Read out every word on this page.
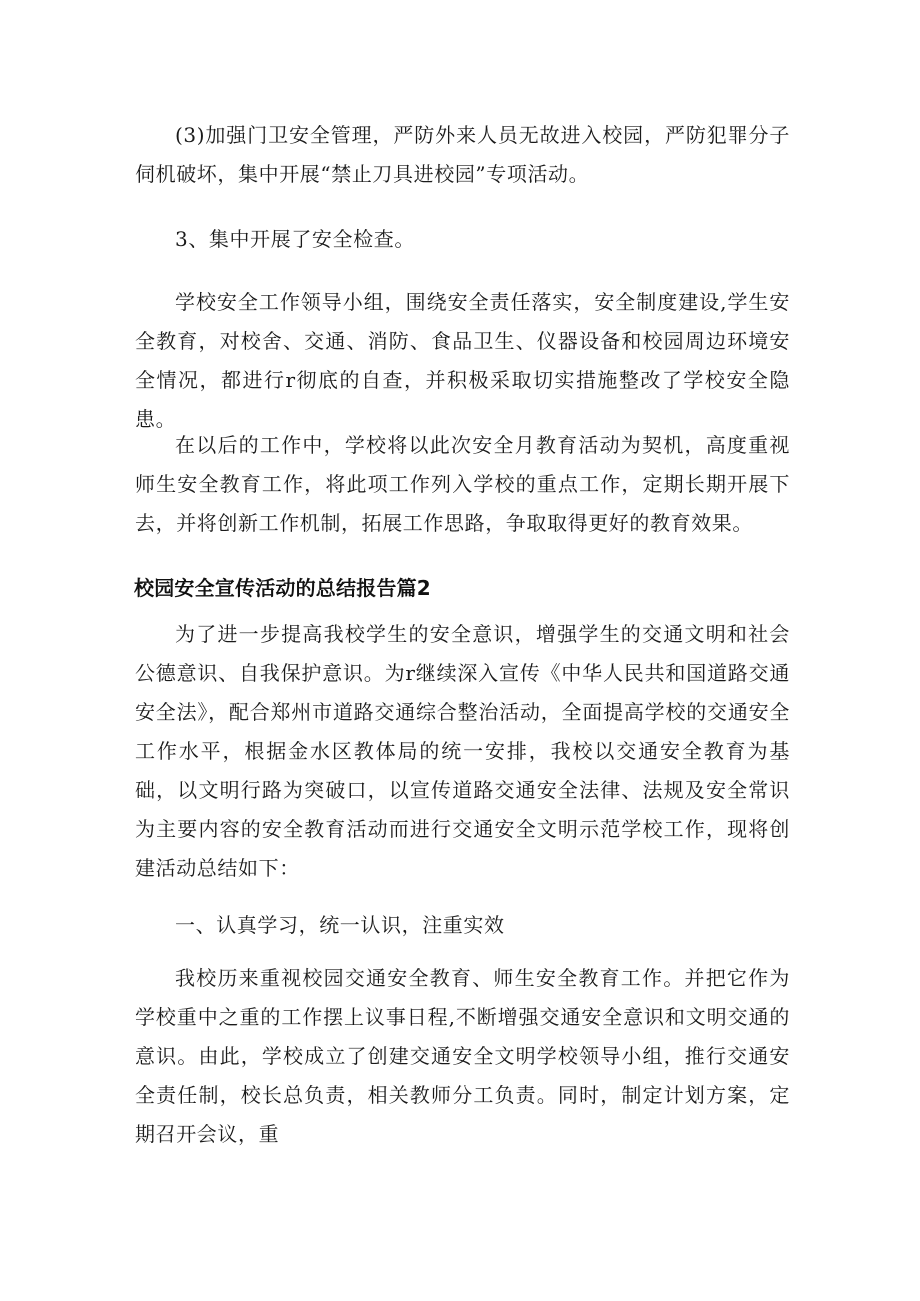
(3)加强门卫安全管理，严防外来人员无故进入校园，严防犯罪分子伺机破坏，集中开展“禁止刀具进校园”专项活动。

3、集中开展了安全检查。

学校安全工作领导小组，围绕安全责任落实，安全制度建设,学生安全教育，对校舍、交通、消防、食品卫生、仪器设备和校园周边环境安全情况，都进行r彻底的自查，并积极采取切实措施整改了学校安全隐患。

在以后的工作中，学校将以此次安全月教育活动为契机，高度重视师生安全教育工作，将此项工作列入学校的重点工作，定期长期开展下去，并将创新工作机制，拓展工作思路，争取取得更好的教育效果。

校园安全宣传活动的总结报告篇2

为了进一步提高我校学生的安全意识，增强学生的交通文明和社会公德意识、自我保护意识。为r继续深入宣传《中华人民共和国道路交通安全法》，配合郑州市道路交通综合整治活动，全面提高学校的交通安全工作水平，根据金水区教体局的统一安排，我校以交通安全教育为基础，以文明行路为突破口，以宣传道路交通安全法律、法规及安全常识为主要内容的安全教育活动而进行交通安全文明示范学校工作，现将创建活动总结如下：

一、认真学习，统一认识，注重实效

我校历来重视校园交通安全教育、师生安全教育工作。并把它作为学校重中之重的工作摆上议事日程,不断增强交通安全意识和文明交通的意识。由此，学校成立了创建交通安全文明学校领导小组，推行交通安全责任制，校长总负责，相关教师分工负责。同时，制定计划方案，定期召开会议，重
